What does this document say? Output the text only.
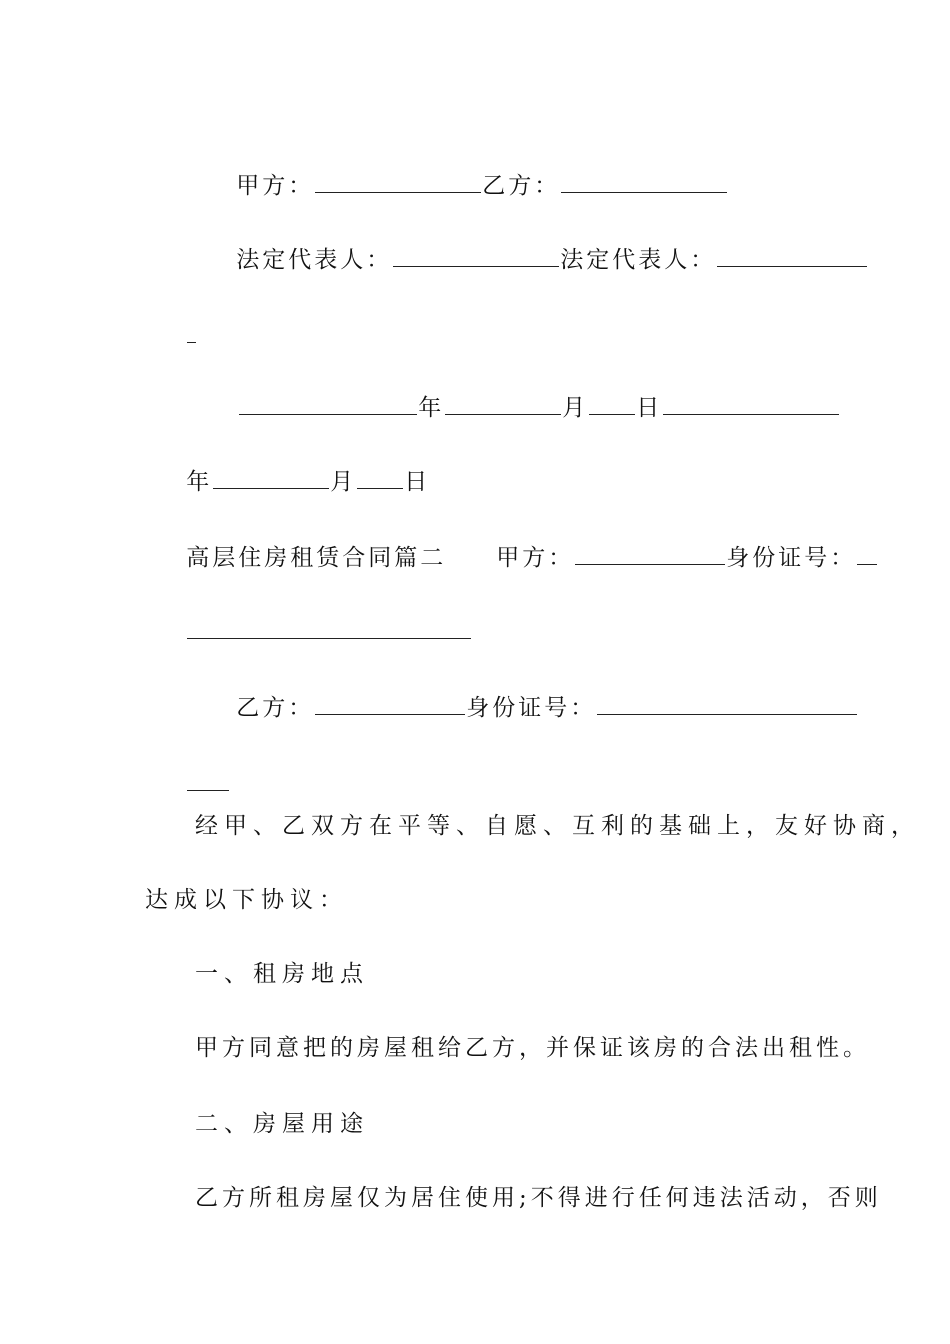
甲方：	乙方：

法定代表人：	法定代表人：

年	月 日

年	月 日

高层住房租赁合同篇二 甲方：	身份证号：

乙方：	身份证号：

经甲、乙双方在平等、自愿、互利的基础上，友好协商，
达成以下协议：
一、租房地点
甲方同意把的房屋租给乙方，并保证该房的合法出租性。
二、房屋用途
乙方所租房屋仅为居住使用;不得进行任何违法活动，否则
